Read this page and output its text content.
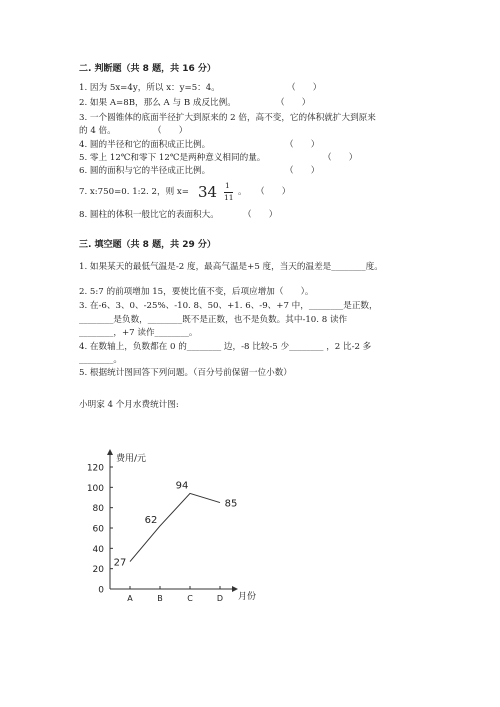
二. 判断题（共 8 题，共 16 分）
1. 因为 5x=4y，所以 x：y=5：4。	（　　）
2. 如果 A=8B，那么 A 与 B 成反比例。	（　　）
3. 一个圆锥体的底面半径扩大到原来的 2 倍，高不变，它的体积就扩大到原来
的 4 倍。	（　　）
4. 圆的半径和它的面积成正比例。	（　　）
5. 零上 12℃和零下 12℃是两种意义相同的量。	（　　）
6. 圆的面积与它的半径成正比例。	（　　）
7. x:750=0. 1:2. 2，则 x= 34 1
11
。 （　　）
8. 圆柱的体积一般比它的表面积大。	（　　）
三. 填空题（共 8 题，共 29 分）
1. 如果某天的最低气温是-2 度，最高气温是+5 度，当天的温差是________度。
2. 5:7 的前项增加 15，要使比值不变，后项应增加（　　）。
3. 在-6、3、0、-25%、-10. 8、50、+1. 6、-9、+7 中，________是正数，
________是负数，________既不是正数，也不是负数。其中-10. 8 读作
________，+7 读作________。
4. 在数轴上，负数都在 0 的________ 边，-8 比较-5 少________ ，2 比-2 多
________。
5. 根据统计图回答下列问题。（百分号前保留一位小数）
小明家 4 个月水费统计图:
费用/元
月份
0
20
40
60
80
100
120
A	B	C	D
27
62
94
85
